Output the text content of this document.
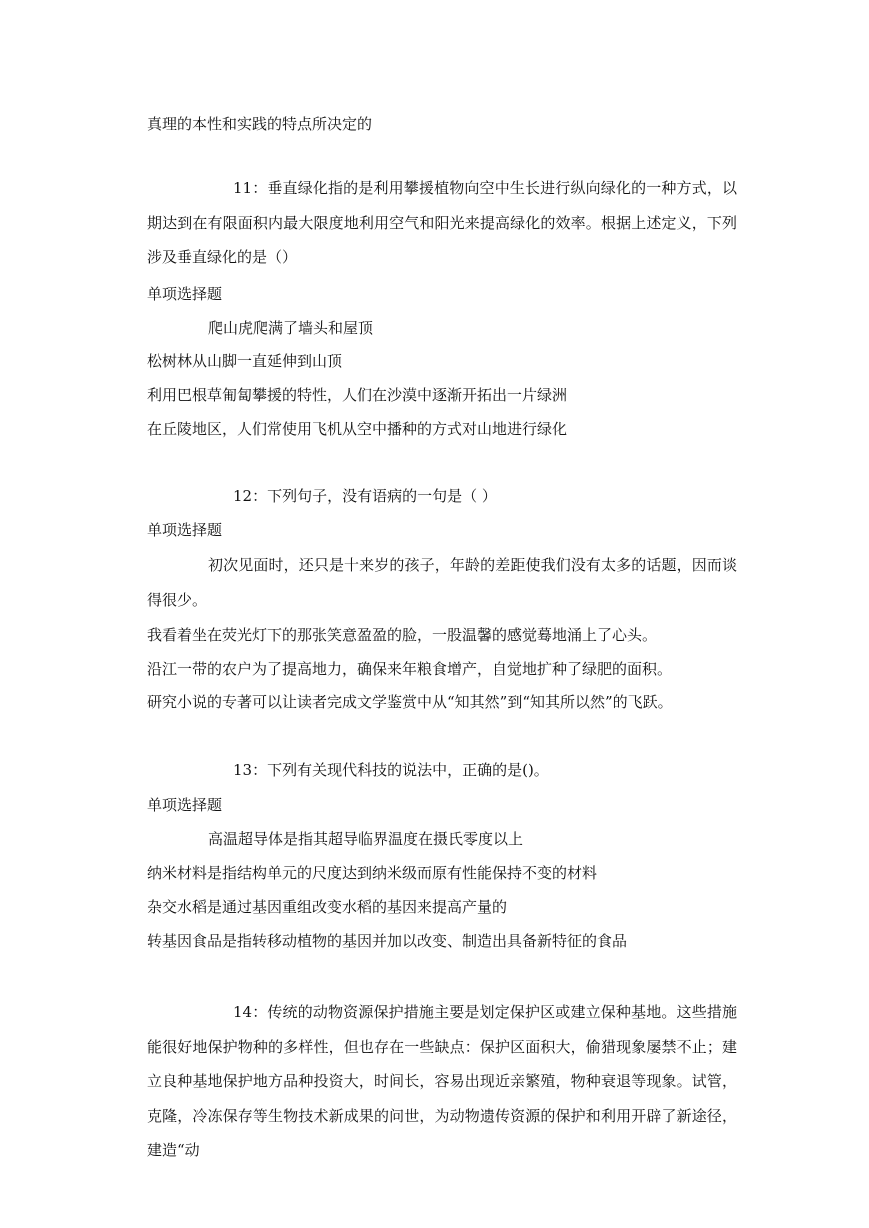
真理的本性和实践的特点所决定的
11：垂直绿化指的是利用攀援植物向空中生长进行纵向绿化的一种方式，以期达到在有限面积内最大限度地利用空气和阳光来提高绿化的效率。根据上述定义，下列涉及垂直绿化的是（）
单项选择题
爬山虎爬满了墙头和屋顶
松树林从山脚一直延伸到山顶
利用巴根草匍匐攀援的特性，人们在沙漠中逐渐开拓出一片绿洲
在丘陵地区，人们常使用飞机从空中播种的方式对山地进行绿化
12：下列句子，没有语病的一句是（ ）
单项选择题
初次见面时，还只是十来岁的孩子，年龄的差距使我们没有太多的话题，因而谈得很少。
我看着坐在荧光灯下的那张笑意盈盈的脸，一股温馨的感觉蓦地涌上了心头。
沿江一带的农户为了提高地力，确保来年粮食增产，自觉地扩种了绿肥的面积。
研究小说的专著可以让读者完成文学鉴赏中从“知其然”到“知其所以然”的飞跃。
13：下列有关现代科技的说法中，正确的是()。
单项选择题
高温超导体是指其超导临界温度在摄氏零度以上
纳米材料是指结构单元的尺度达到纳米级而原有性能保持不变的材料
杂交水稻是通过基因重组改变水稻的基因来提高产量的
转基因食品是指转移动植物的基因并加以改变、制造出具备新特征的食品
14：传统的动物资源保护措施主要是划定保护区或建立保种基地。这些措施能很好地保护物种的多样性，但也存在一些缺点：保护区面积大，偷猎现象屡禁不止；建立良种基地保护地方品种投资大，时间长，容易出现近亲繁殖，物种衰退等现象。试管，克隆，冷冻保存等生物技术新成果的问世，为动物遗传资源的保护和利用开辟了新途径，建造“动
